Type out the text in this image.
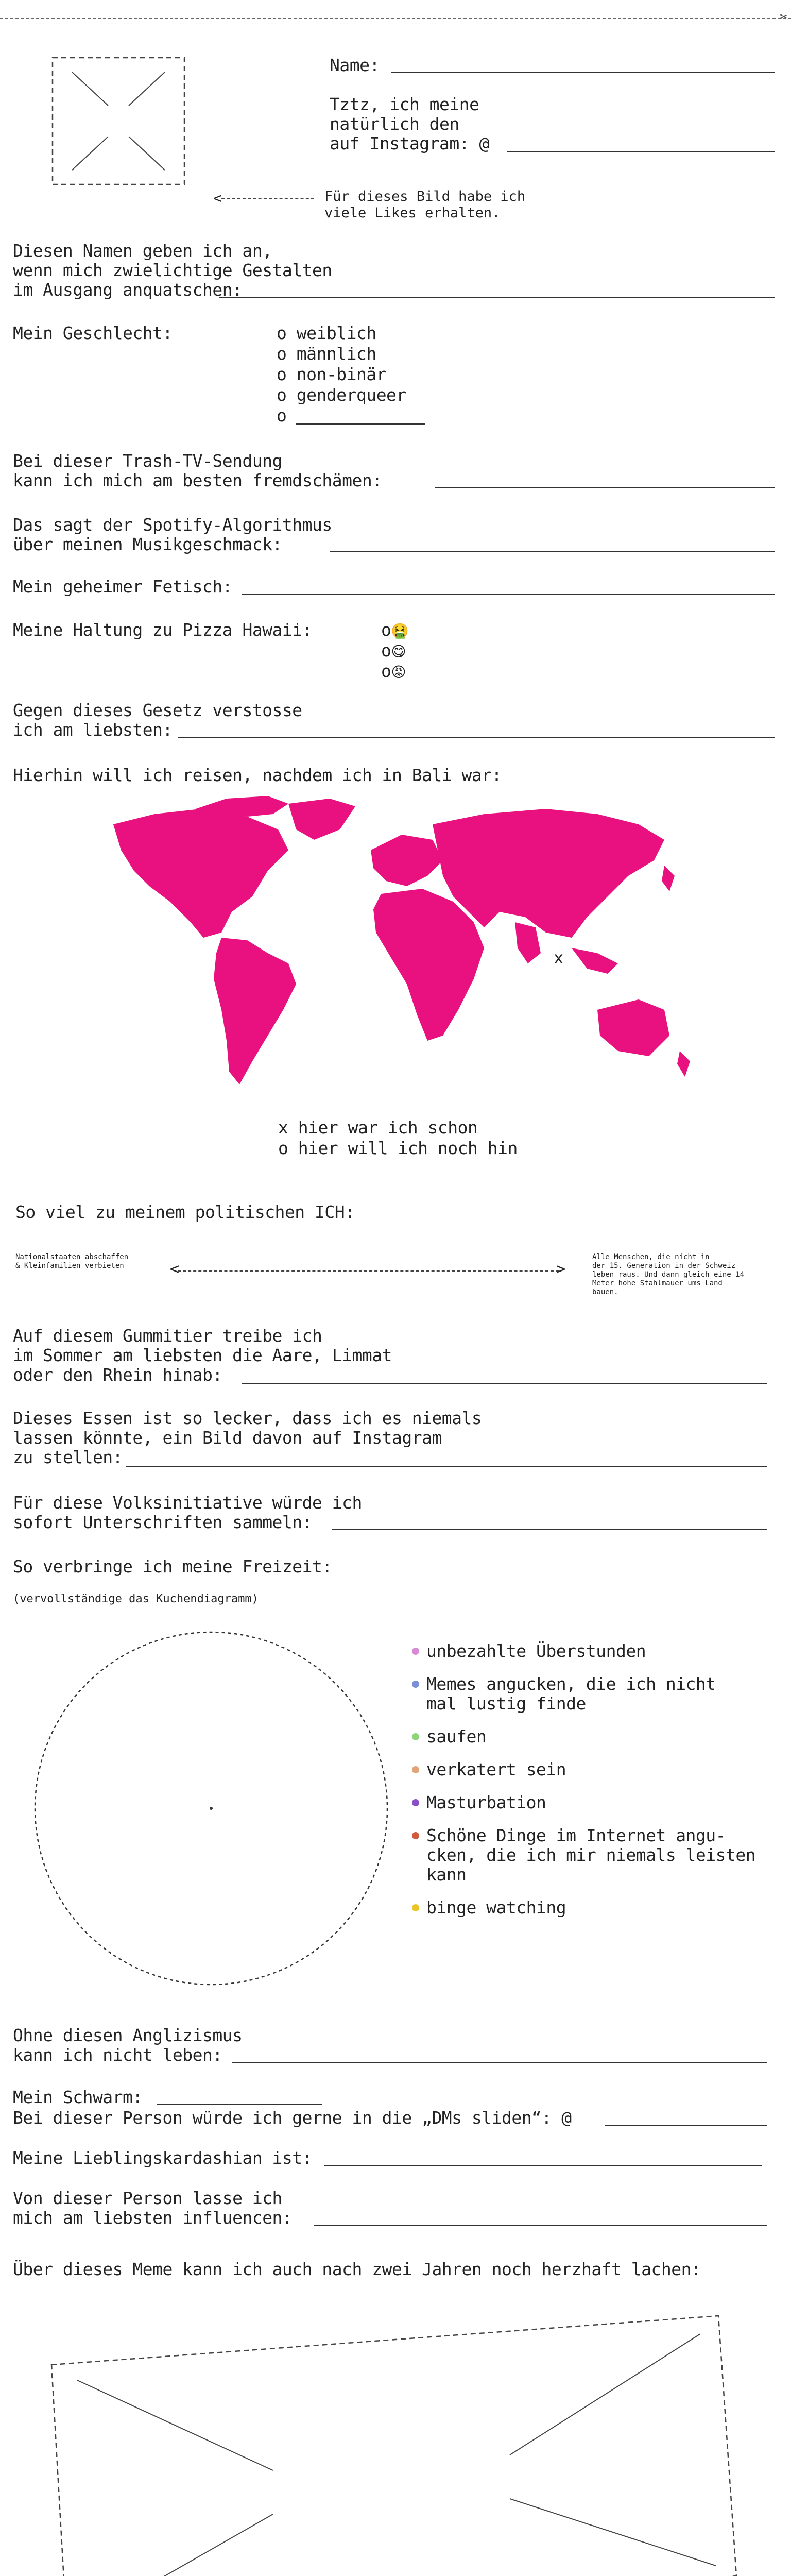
✂
Name:
Tztz, ich meine
natürlich den
auf Instagram: @
<	Für dieses Bild habe ich
viele Likes erhalten.
Diesen Namen geben ich an,
wenn mich zwielichtige Gestalten
im Ausgang anquatschen:
Mein Geschlecht:	o weiblich
o männlich
o non-binär
o genderqueer
o
Bei dieser Trash-TV-Sendung
kann ich mich am besten fremdschämen:
Das sagt der Spotify-Algorithmus
über meinen Musikgeschmack:
Mein geheimer Fetisch:
Meine Haltung zu Pizza Hawaii:	o🤮
o😋
o😡
Gegen dieses Gesetz verstosse
ich am liebsten:
Hierhin will ich reisen, nachdem ich in Bali war:
x
x hier war ich schon
o hier will ich noch hin
So viel zu meinem politischen ICH:
Nationalstaaten abschaffen
& Kleinfamilien verbieten	<	>
Alle Menschen, die nicht in
der 15. Generation in der Schweiz
leben raus. Und dann gleich eine 14
Meter hohe Stahlmauer ums Land
bauen.
Auf diesem Gummitier treibe ich
im Sommer am liebsten die Aare, Limmat
oder den Rhein hinab:
Dieses Essen ist so lecker, dass ich es niemals
lassen könnte, ein Bild davon auf Instagram
zu stellen:
Für diese Volksinitiative würde ich
sofort Unterschriften sammeln:
So verbringe ich meine Freizeit:
(vervollständige das Kuchendiagramm)
unbezahlte Überstunden
Memes angucken, die ich nicht
mal lustig finde
saufen
verkatert sein
Masturbation
Schöne Dinge im Internet angu-
cken, die ich mir niemals leisten
kann
binge watching
Ohne diesen Anglizismus
kann ich nicht leben:
Mein Schwarm:
Bei dieser Person würde ich gerne in die „DMs sliden“: @
Meine Lieblingskardashian ist:
Von dieser Person lasse ich
mich am liebsten influencen:
Über dieses Meme kann ich auch nach zwei Jahren noch herzhaft lachen:
